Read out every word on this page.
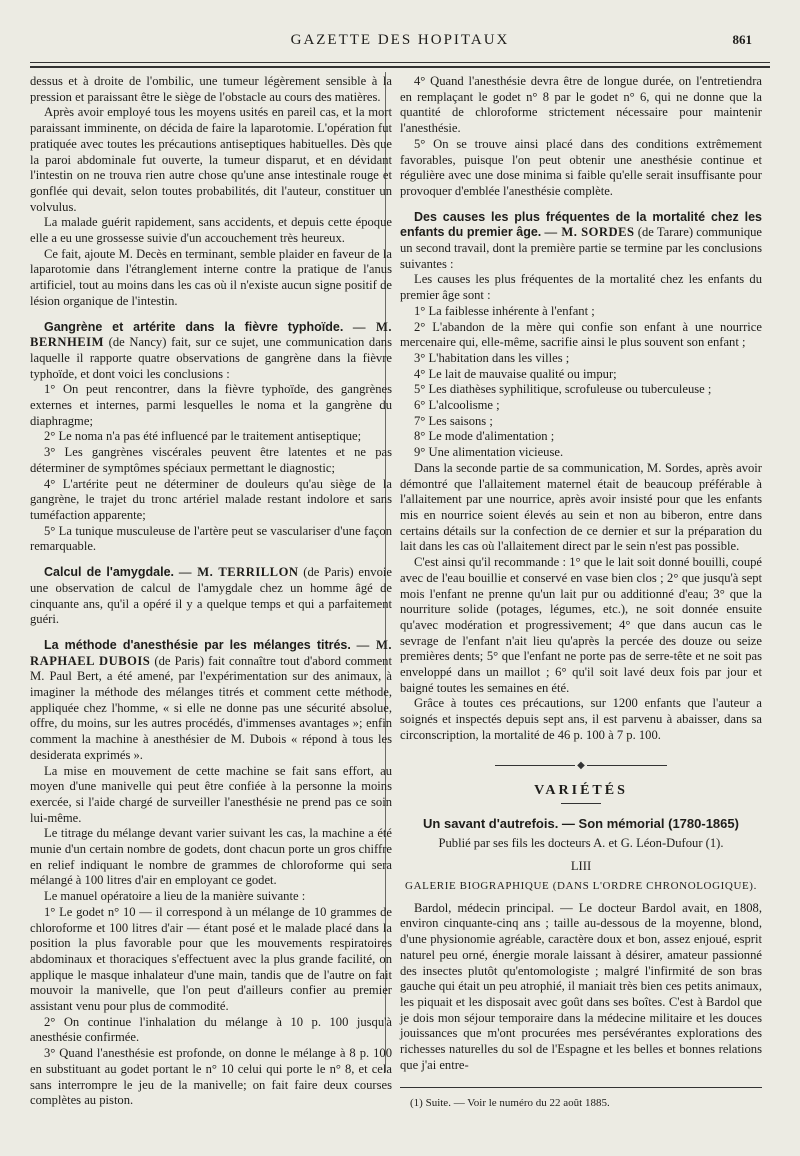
GAZETTE DES HOPITAUX	861

dessus et à droite de l'ombilic, une tumeur légèrement sensible à la pression et paraissant être le siège de l'obstacle au cours des matières.

Après avoir employé tous les moyens usités en pareil cas, et la mort paraissant imminente, on décida de faire la laparotomie. L'opération fut pratiquée avec toutes les précautions antiseptiques habituelles. Dès que la paroi abdominale fut ouverte, la tumeur disparut, et en dévidant l'intestin on ne trouva rien autre chose qu'une anse intestinale rouge et gonflée qui devait, selon toutes probabilités, dit l'auteur, constituer un volvulus.

La malade guérit rapidement, sans accidents, et depuis cette époque elle a eu une grossesse suivie d'un accouchement très heureux.

Ce fait, ajoute M. Decès en terminant, semble plaider en faveur de la laparotomie dans l'étranglement interne contre la pratique de l'anus artificiel, tout au moins dans les cas où il n'existe aucun signe positif de lésion organique de l'intestin.

Gangrène et artérite dans la fièvre typhoïde. — M. BERNHEIM (de Nancy) fait, sur ce sujet, une communication dans laquelle il rapporte quatre observations de gangrène dans la fièvre typhoïde, et dont voici les conclusions :

1° On peut rencontrer, dans la fièvre typhoïde, des gangrènes externes et internes, parmi lesquelles le noma et la gangrène du diaphragme;

2° Le noma n'a pas été influencé par le traitement antiseptique;

3° Les gangrènes viscérales peuvent être latentes et ne pas déterminer de symptômes spéciaux permettant le diagnostic;

4° L'artérite peut ne déterminer de douleurs qu'au siège de la gangrène, le trajet du tronc artériel malade restant indolore et sans tuméfaction apparente;

5° La tunique musculeuse de l'artère peut se vasculariser d'une façon remarquable.

Calcul de l'amygdale. — M. TERRILLON (de Paris) envoie une observation de calcul de l'amygdale chez un homme âgé de cinquante ans, qu'il a opéré il y a quelque temps et qui a parfaitement guéri.

La méthode d'anesthésie par les mélanges titrés. — M. RAPHAEL DUBOIS (de Paris) fait connaître tout d'abord comment M. Paul Bert, a été amené, par l'expérimentation sur des animaux, à imaginer la méthode des mélanges titrés et comment cette méthode, appliquée chez l'homme, « si elle ne donne pas une sécurité absolue, offre, du moins, sur les autres procédés, d'immenses avantages »; enfin comment la machine à anesthésier de M. Dubois « répond à tous les desiderata exprimés ».

La mise en mouvement de cette machine se fait sans effort, au moyen d'une manivelle qui peut être confiée à la personne la moins exercée, si l'aide chargé de surveiller l'anesthésie ne prend pas ce soin lui-même.

Le titrage du mélange devant varier suivant les cas, la machine a été munie d'un certain nombre de godets, dont chacun porte un gros chiffre en relief indiquant le nombre de grammes de chloroforme qui sera mélangé à 100 litres d'air en employant ce godet.

Le manuel opératoire a lieu de la manière suivante :

1° Le godet n° 10 — il correspond à un mélange de 10 grammes de chloroforme et 100 litres d'air — étant posé et le malade placé dans la position la plus favorable pour que les mouvements respiratoires abdominaux et thoraciques s'effectuent avec la plus grande facilité, on applique le masque inhalateur d'une main, tandis que de l'autre on fait mouvoir la manivelle, que l'on peut d'ailleurs confier au premier assistant venu pour plus de commodité.

2° On continue l'inhalation du mélange à 10 p. 100 jusqu'à anesthésie confirmée.

3° Quand l'anesthésie est profonde, on donne le mélange à 8 p. 100 en substituant au godet portant le n° 10 celui qui porte le n° 8, et cela sans interrompre le jeu de la manivelle; on fait faire deux courses complètes au piston.

4° Quand l'anesthésie devra être de longue durée, on l'entretiendra en remplaçant le godet n° 8 par le godet n° 6, qui ne donne que la quantité de chloroforme strictement nécessaire pour maintenir l'anesthésie.

5° On se trouve ainsi placé dans des conditions extrêmement favorables, puisque l'on peut obtenir une anesthésie continue et régulière avec une dose minima si faible qu'elle serait insuffisante pour provoquer d'emblée l'anesthésie complète.

Des causes les plus fréquentes de la mortalité chez les enfants du premier âge. — M. SORDES (de Tarare) communique un second travail, dont la première partie se termine par les conclusions suivantes :

Les causes les plus fréquentes de la mortalité chez les enfants du premier âge sont :

1° La faiblesse inhérente à l'enfant ;

2° L'abandon de la mère qui confie son enfant à une nourrice mercenaire qui, elle-même, sacrifie ainsi le plus souvent son enfant ;

3° L'habitation dans les villes ;

4° Le lait de mauvaise qualité ou impur;

5° Les diathèses syphilitique, scrofuleuse ou tuberculeuse ;

6° L'alcoolisme ;

7° Les saisons ;

8° Le mode d'alimentation ;

9° Une alimentation vicieuse.

Dans la seconde partie de sa communication, M. Sordes, après avoir démontré que l'allaitement maternel était de beaucoup préférable à l'allaitement par une nourrice, après avoir insisté pour que les enfants mis en nourrice soient élevés au sein et non au biberon, entre dans certains détails sur la confection de ce dernier et sur la préparation du lait dans les cas où l'allaitement direct par le sein n'est pas possible.

C'est ainsi qu'il recommande : 1° que le lait soit donné bouilli, coupé avec de l'eau bouillie et conservé en vase bien clos ; 2° que jusqu'à sept mois l'enfant ne prenne qu'un lait pur ou additionné d'eau; 3° que la nourriture solide (potages, légumes, etc.), ne soit donnée ensuite qu'avec modération et progressivement; 4° que dans aucun cas le sevrage de l'enfant n'ait lieu qu'après la percée des douze ou seize premières dents; 5° que l'enfant ne porte pas de serre-tête et ne soit pas enveloppé dans un maillot ; 6° qu'il soit lavé deux fois par jour et baigné toutes les semaines en été.

Grâce à toutes ces précautions, sur 1200 enfants que l'auteur a soignés et inspectés depuis sept ans, il est parvenu à abaisser, dans sa circonscription, la mortalité de 46 p. 100 à 7 p. 100.

◆
VARIÉTÉS
Un savant d'autrefois. — Son mémorial (1780-1865)
Publié par ses fils les docteurs A. et G. Léon-Dufour (1).
LIII
GALERIE BIOGRAPHIQUE (DANS L'ORDRE CHRONOLOGIQUE).

Bardol, médecin principal. — Le docteur Bardol avait, en 1808, environ cinquante-cinq ans ; taille au-dessous de la moyenne, blond, d'une physionomie agréable, caractère doux et bon, assez enjoué, esprit naturel peu orné, énergie morale laissant à désirer, amateur passionné des insectes plutôt qu'entomologiste ; malgré l'infirmité de son bras gauche qui était un peu atrophié, il maniait très bien ces petits animaux, les piquait et les disposait avec goût dans ses boîtes. C'est à Bardol que je dois mon séjour temporaire dans la médecine militaire et les douces jouissances que m'ont procurées mes persévérantes explorations des richesses naturelles du sol de l'Espagne et les belles et bonnes relations que j'ai entre-

(1) Suite. — Voir le numéro du 22 août 1885.
